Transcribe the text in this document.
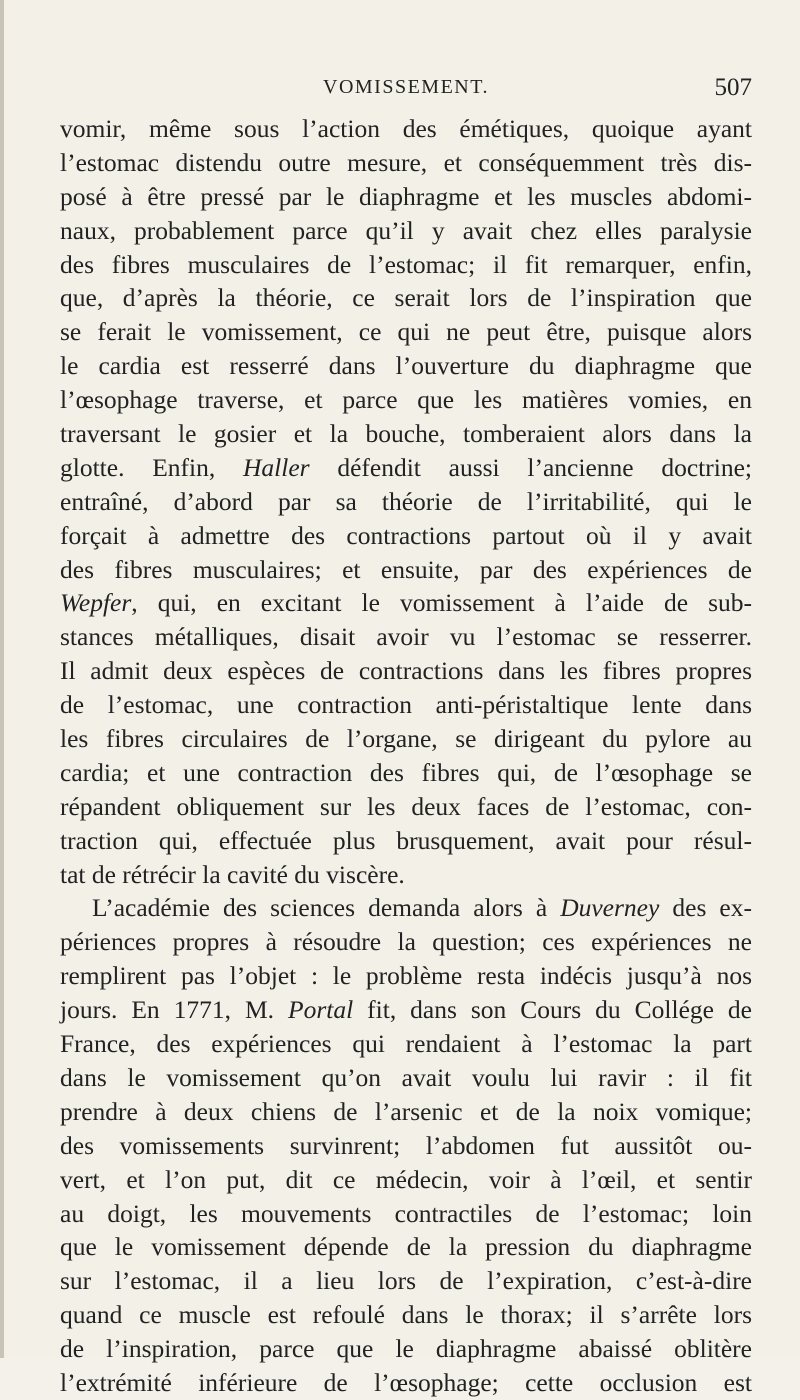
VOMISSEMENT.	507
vomir, même sous l’action des émétiques, quoique ayant
l’estomac distendu outre mesure, et conséquemment très dis-
posé à être pressé par le diaphragme et les muscles abdomi-
naux, probablement parce qu’il y avait chez elles paralysie
des fibres musculaires de l’estomac; il fit remarquer, enfin,
que, d’après la théorie, ce serait lors de l’inspiration que
se ferait le vomissement, ce qui ne peut être, puisque alors
le cardia est resserré dans l’ouverture du diaphragme que
l’œsophage traverse, et parce que les matières vomies, en
traversant le gosier et la bouche, tomberaient alors dans la
glotte. Enfin, Haller défendit aussi l’ancienne doctrine;
entraîné, d’abord par sa théorie de l’irritabilité, qui le
forçait à admettre des contractions partout où il y avait
des fibres musculaires; et ensuite, par des expériences de
Wepfer, qui, en excitant le vomissement à l’aide de sub-
stances métalliques, disait avoir vu l’estomac se resserrer.
Il admit deux espèces de contractions dans les fibres propres
de l’estomac, une contraction anti-péristaltique lente dans
les fibres circulaires de l’organe, se dirigeant du pylore au
cardia; et une contraction des fibres qui, de l’œsophage se
répandent obliquement sur les deux faces de l’estomac, con-
traction qui, effectuée plus brusquement, avait pour résul-
tat de rétrécir la cavité du viscère.
L’académie des sciences demanda alors à Duverney des ex-
périences propres à résoudre la question; ces expériences ne
remplirent pas l’objet : le problème resta indécis jusqu’à nos
jours. En 1771, M. Portal fit, dans son Cours du Collége de
France, des expériences qui rendaient à l’estomac la part
dans le vomissement qu’on avait voulu lui ravir : il fit
prendre à deux chiens de l’arsenic et de la noix vomique;
des vomissements survinrent; l’abdomen fut aussitôt ou-
vert, et l’on put, dit ce médecin, voir à l’œil, et sentir
au doigt, les mouvements contractiles de l’estomac; loin
que le vomissement dépende de la pression du diaphragme
sur l’estomac, il a lieu lors de l’expiration, c’est-à-dire
quand ce muscle est refoulé dans le thorax; il s’arrête lors
de l’inspiration, parce que le diaphragme abaissé oblitère
l’extrémité inférieure de l’œsophage; cette occlusion est
